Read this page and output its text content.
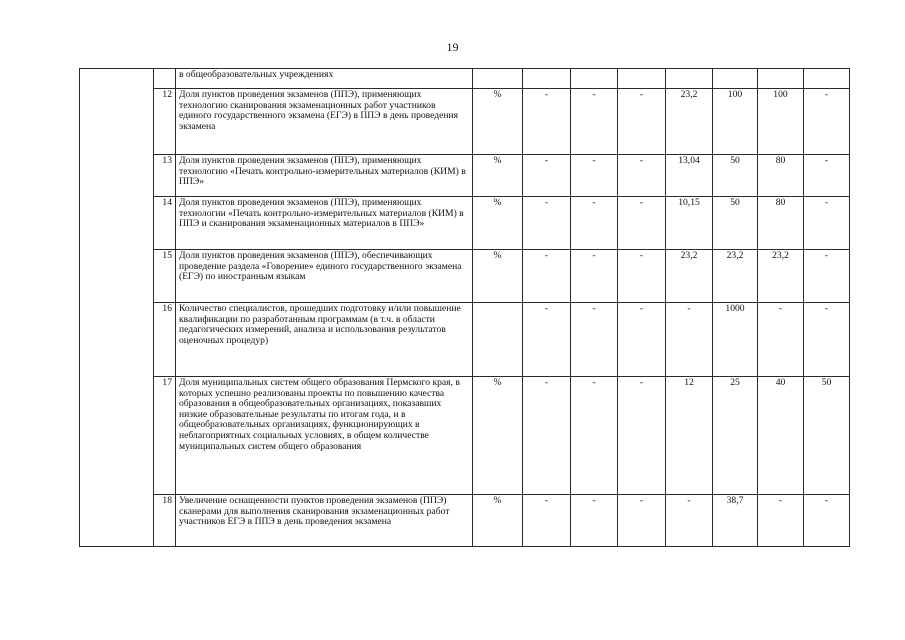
19
		в общеобразовательных учреждениях								
	12	Доля пунктов проведения экзаменов (ППЭ), применяющих технологию сканирования экзаменационных работ участников единого государственного экзамена (ЕГЭ) в ППЭ в день проведения экзамена	%	-	-	-	23,2	100	100	-
	13	Доля пунктов проведения экзаменов (ППЭ), применяющих технологию «Печать контрольно-измерительных материалов (КИМ) в ППЭ»	%	-	-	-	13,04	50	80	-
	14	Доля пунктов проведения экзаменов (ППЭ), применяющих технологии «Печать контрольно-измерительных материалов (КИМ) в ППЭ и сканирования экзаменационных материалов в ППЭ»	%	-	-	-	10,15	50	80	-
	15	Доля пунктов проведения экзаменов (ППЭ), обеспечивающих проведение раздела «Говорение» единого государственного экзамена (ЕГЭ) по иностранным языкам	%	-	-	-	23,2	23,2	23,2	-
	16	Количество специалистов, прошедших подготовку и/или повышение квалификации по разработанным программам (в т.ч. в области педагогических измерений, анализа и использования результатов оценочных процедур)		-	-	-	-	1000	-	-
	17	Доля муниципальных систем общего образования Пермского края, в которых успешно реализованы проекты по повышению качества образования в общеобразовательных организациях, показавших низкие образовательные результаты по итогам года, и в общеобразовательных организациях, функционирующих в неблагоприятных социальных условиях, в общем количестве муниципальных систем общего образования	%	-	-	-	12	25	40	50
	18	Увеличение оснащенности пунктов проведения экзаменов (ППЭ) сканерами для выполнения сканирования экзаменационных работ участников ЕГЭ в ППЭ в день проведения экзамена	%	-	-	-	-	38,7	-	-
